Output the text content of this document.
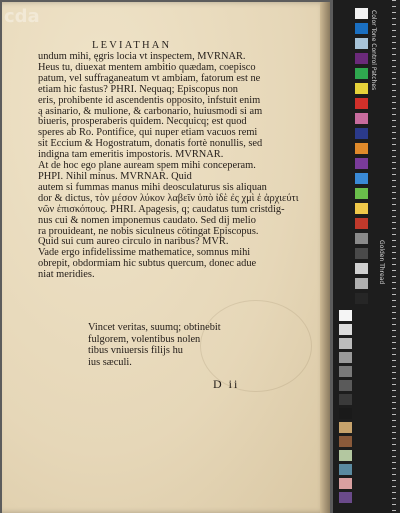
cda
LEVIATHAN
undum mihi, ęgris locia vt inspectem, MVRNAR.
Heus tu, diuexat mentem ambitio quædam, coepisco
patum, vel suffraganeatum vt ambiam, fatorum est ne
etiam hic fastus? PHRI. Nequaq; Episcopus non
eris, prohibente id ascendentis opposito, infstuit enim
ą asinario, & mulione, & carbonario, huiusmodi si am
biueris, prosperaberis quidem. Necquicq; est quod
speres ab Ro. Pontifice, qui nuper etiam vacuos remi
sit Eccium & Hogostratum, donatis fortè nonullis, sed
indigna tam emeritis impostoris. MVRNAR.
At de hoc ego plane auream spem mihi conceperam.
PHPI. Nihil minus. MVRNAR. Quid
autem si fummas manus mihi deosculaturus sis aliquan
dor & dictus, τὸν μέσον λύκον λαβεῖν ὑπὸ ἰδὲ ἐς χμὶ ἑ ἀρχιεύτι
νῶν ἐπισκόπους. PHRI. Apagesis, q; caudatus tum cristdig-
nus cui & nomen imponemus caudato. Sed dij melio
ra prouideant, ne nobis siculneus cötingat Episcopus.
Quid sui cum aureo circulo in naribus? MVR.
Vade ergo infidelissime mathematice, somnus mihi
obrepit, obdormiam hic subtus quercum, donec adue
niat meridies.
Vincet veritas, suumq; obtinebit
fulgorem, volentibus nolen
tibus vniuersis filijs hu
ius sæculi.
D ii
Golden Thread
Color Tone Control Patches
